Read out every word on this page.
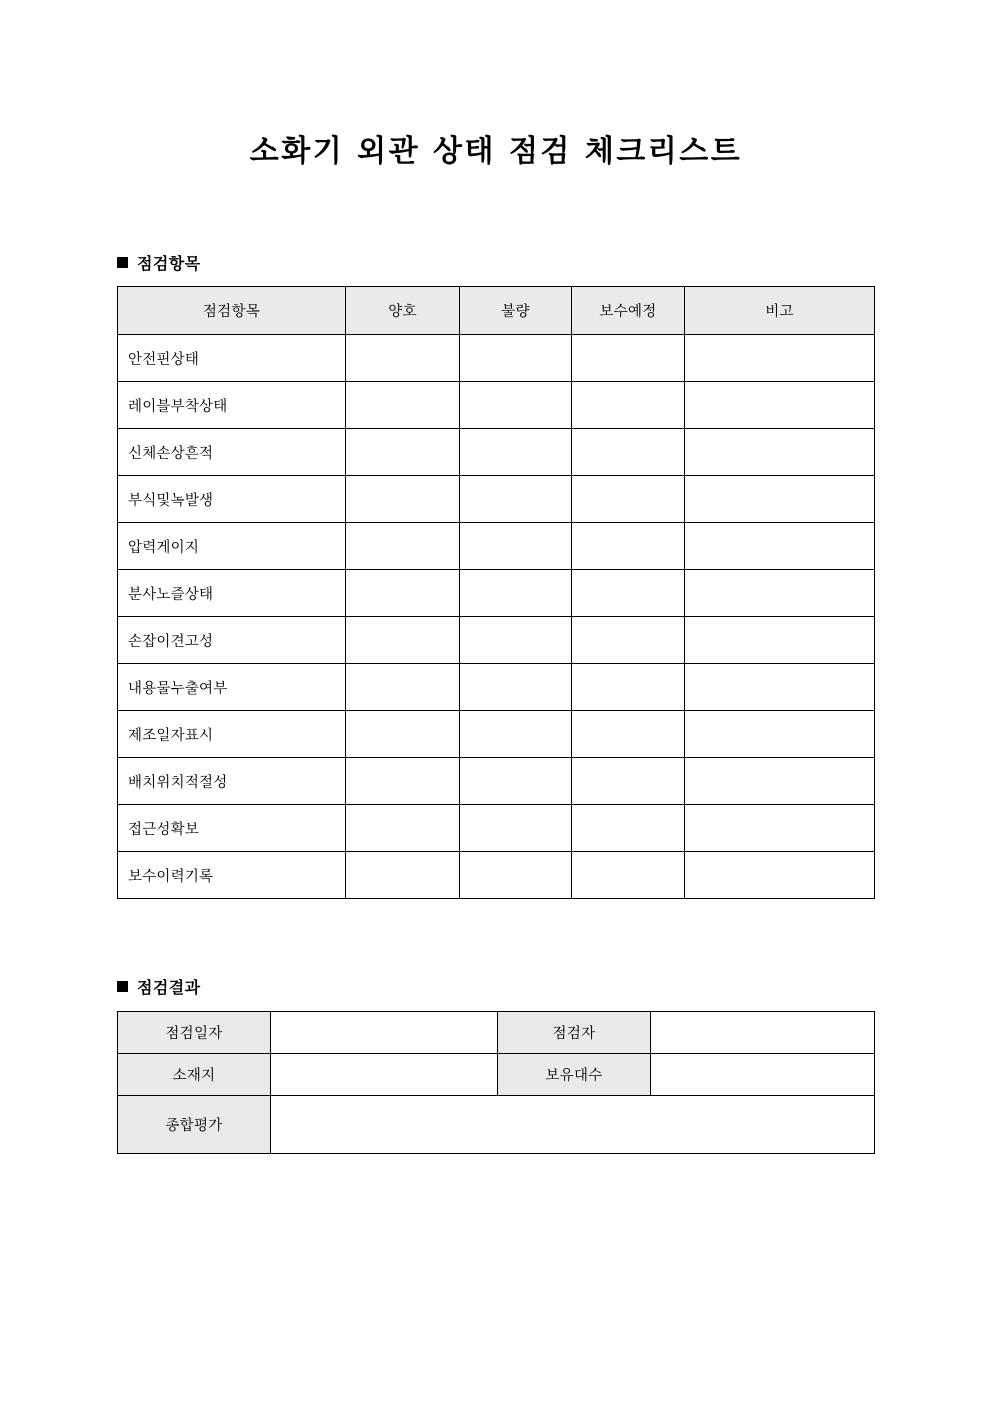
소화기 외관 상태 점검 체크리스트
점검항목
점검항목	양호	불량	보수예정	비고
안전핀상태				
레이블부착상태				
신체손상흔적				
부식및녹발생				
압력게이지				
분사노즐상태				
손잡이견고성				
내용물누출여부				
제조일자표시				
배치위치적절성				
접근성확보				
보수이력기록				
점검결과
점검일자		점검자	
소재지		보유대수	
종합평가			
